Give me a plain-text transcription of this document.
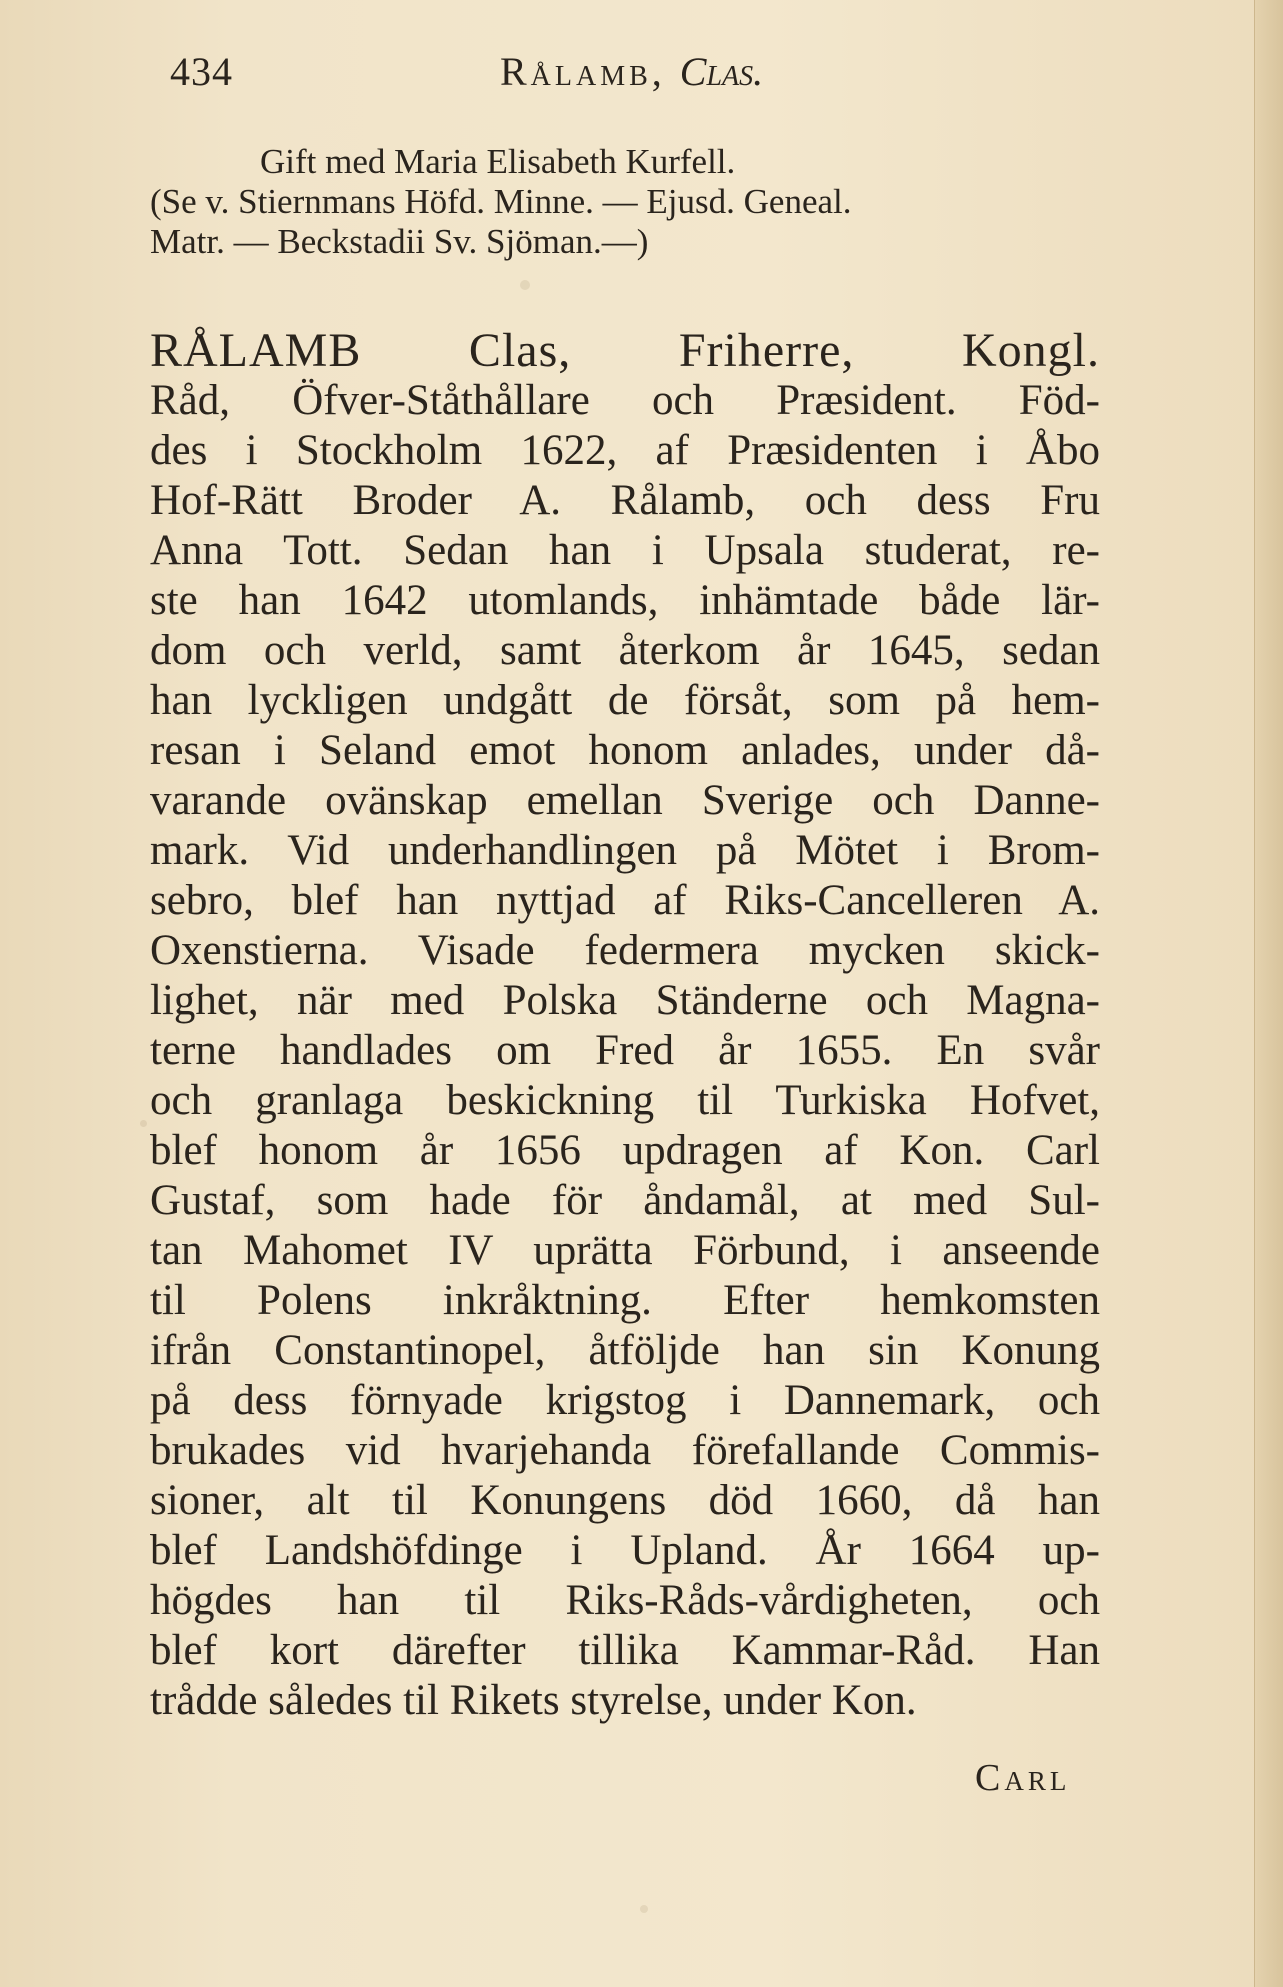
434	Rålamb, Clas.
Gift med Maria Elisabeth Kurfell.
(Se v. Stiernmans Höfd. Minne. — Ejusd. Geneal.
Matr. — Beckstadii Sv. Sjöman.—)
RÅLAMB Clas, Friherre, Kongl.
Råd, Öfver-Ståthållare och Præsident. Föd-
des i Stockholm 1622, af Præsidenten i Åbo
Hof-Rätt Broder A. Rålamb, och dess Fru
Anna Tott. Sedan han i Upsala studerat, re-
ste han 1642 utomlands, inhämtade både lär-
dom och verld, samt återkom år 1645, sedan
han lyckligen undgått de försåt, som på hem-
resan i Seland emot honom anlades, under då-
varande ovänskap emellan Sverige och Danne-
mark. Vid underhandlingen på Mötet i Brom-
sebro, blef han nyttjad af Riks-Cancelleren A.
Oxenstierna. Visade federmera mycken skick-
lighet, när med Polska Ständerne och Magna-
terne handlades om Fred år 1655. En svår
och granlaga beskickning til Turkiska Hofvet,
blef honom år 1656 updragen af Kon. Carl
Gustaf, som hade för åndamål, at med Sul-
tan Mahomet IV uprätta Förbund, i anseende
til Polens inkråktning. Efter hemkomsten
ifrån Constantinopel, åtföljde han sin Konung
på dess förnyade krigstog i Dannemark, och
brukades vid hvarjehanda förefallande Commis-
sioner, alt til Konungens död 1660, då han
blef Landshöfdinge i Upland. År 1664 up-
högdes han til Riks-Råds-vårdigheten, och
blef kort därefter tillika Kammar-Råd. Han
trådde således til Rikets styrelse, under Kon.
Carl
